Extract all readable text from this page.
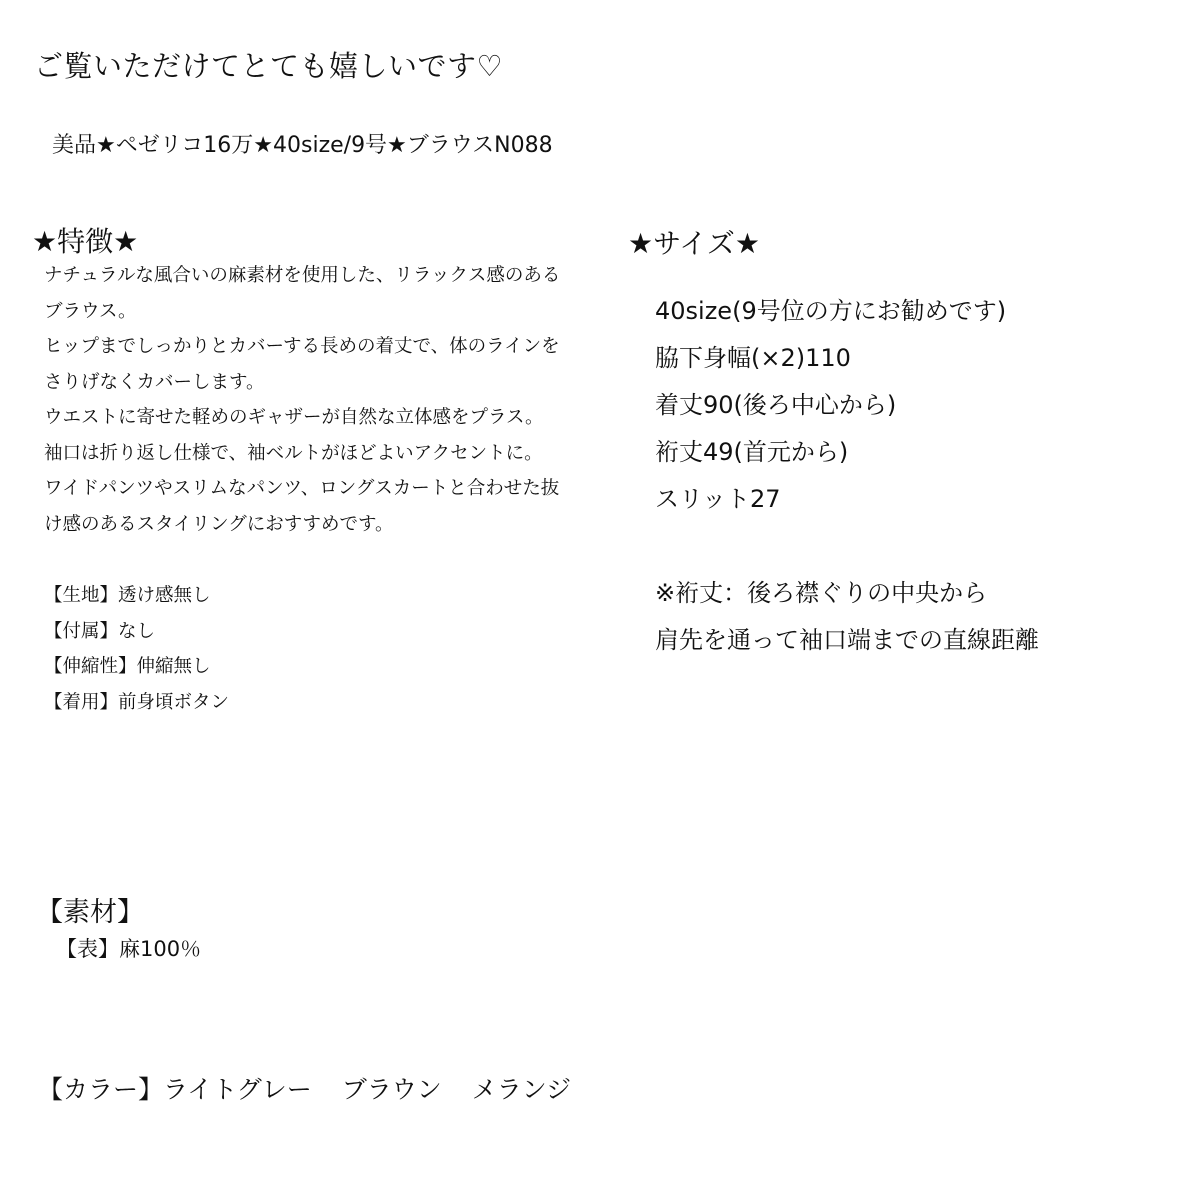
ご覧いただけてとても嬉しいです♡
美品★ペゼリコ16万★40size/9号★ブラウスN088
★特徴★
ナチュラルな風合いの麻素材を使用した、リラックス感のある
ブラウス。
ヒップまでしっかりとカバーする長めの着丈で、体のラインを
さりげなくカバーします。
ウエストに寄せた軽めのギャザーが自然な立体感をプラス。
袖口は折り返し仕様で、袖ベルトがほどよいアクセントに。
ワイドパンツやスリムなパンツ、ロングスカートと合わせた抜
け感のあるスタイリングにおすすめです。
【生地】透け感無し
【付属】なし
【伸縮性】伸縮無し
【着用】前身頃ボタン
★サイズ★
40size(9号位の方にお勧めです)
脇下身幅(×2)110
着丈90(後ろ中心から)
裄丈49(首元から)
スリット27
※裄丈：後ろ襟ぐりの中央から
肩先を通って袖口端までの直線距離
【素材】
【表】麻100％
【カラー】ライトグレー ブラウン メランジ
